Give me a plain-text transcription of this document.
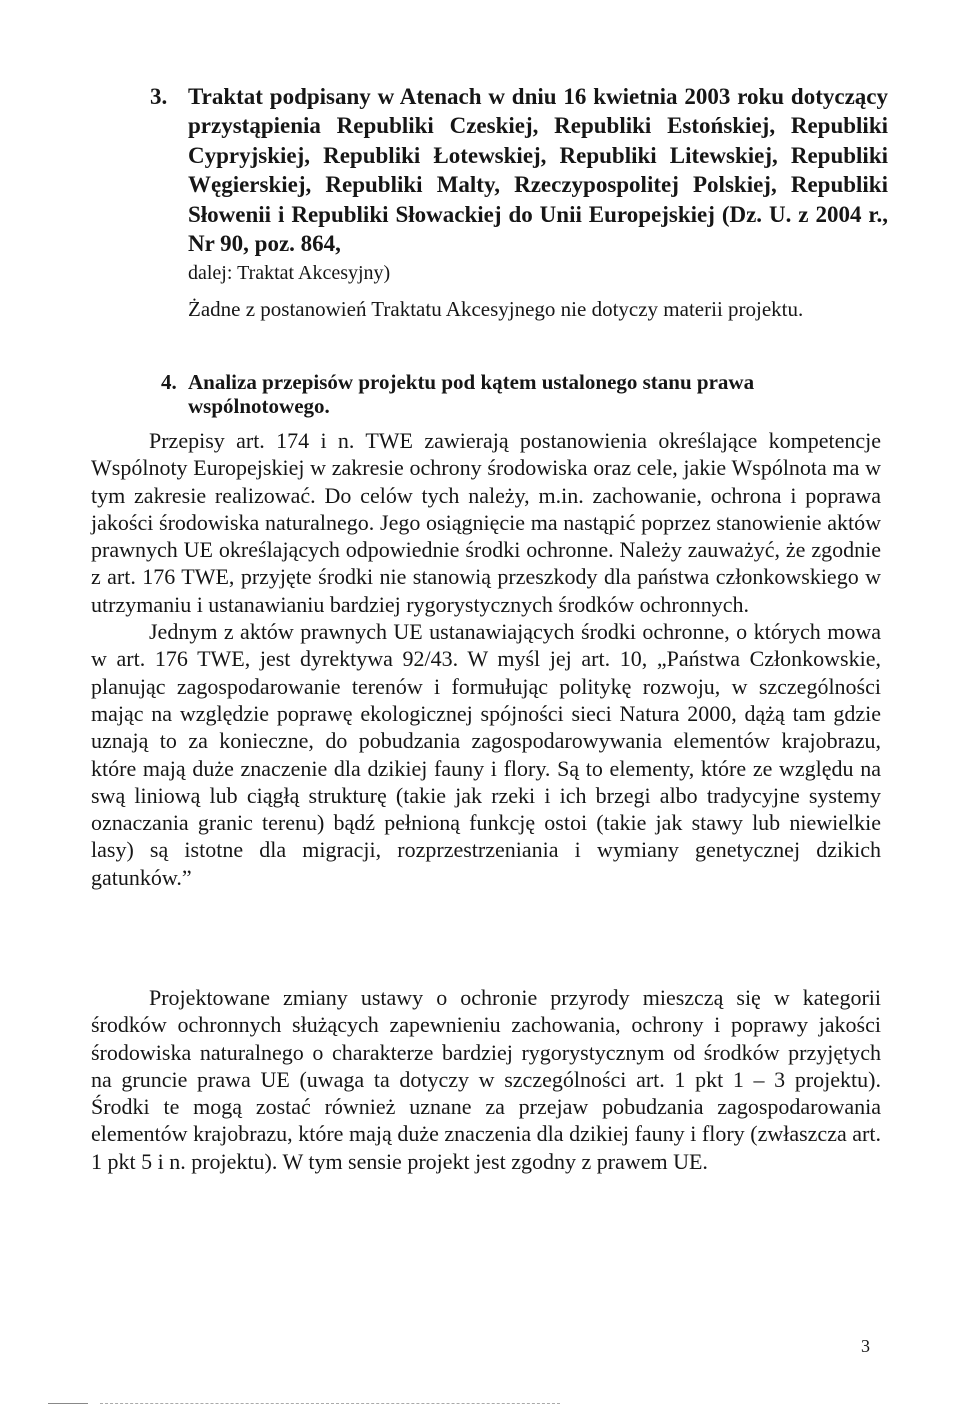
3. Traktat podpisany w Atenach w dniu 16 kwietnia 2003 roku dotyczący przystąpienia Republiki Czeskiej, Republiki Estońskiej, Republiki Cypryjskiej, Republiki Łotewskiej, Republiki Litewskiej, Republiki Węgierskiej, Republiki Malty, Rzeczypospolitej Polskiej, Republiki Słowenii i Republiki Słowackiej do Unii Europejskiej (Dz. U. z 2004 r., Nr 90, poz. 864,
dalej: Traktat Akcesyjny)
Żadne z postanowień Traktatu Akcesyjnego nie dotyczy materii projektu.
4. Analiza przepisów projektu pod kątem ustalonego stanu prawa wspólnotowego.
Przepisy art. 174 i n. TWE zawierają postanowienia określające kompetencje Wspólnoty Europejskiej w zakresie ochrony środowiska oraz cele, jakie Wspólnota ma w tym zakresie realizować. Do celów tych należy, m.in. zachowanie, ochrona i poprawa jakości środowiska naturalnego. Jego osiągnięcie ma nastąpić poprzez stanowienie aktów prawnych UE określających odpowiednie środki ochronne. Należy zauważyć, że zgodnie z art. 176 TWE, przyjęte środki nie stanowią przeszkody dla państwa członkowskiego w utrzymaniu i ustanawianiu bardziej rygorystycznych środków ochronnych.
Jednym z aktów prawnych UE ustanawiających środki ochronne, o których mowa w art. 176 TWE, jest dyrektywa 92/43. W myśl jej art. 10, „Państwa Członkowskie, planując zagospodarowanie terenów i formułując politykę rozwoju, w szczególności mając na względzie poprawę ekologicznej spójności sieci Natura 2000, dążą tam gdzie uznają to za konieczne, do pobudzania zagospodarowywania elementów krajobrazu, które mają duże znaczenie dla dzikiej fauny i flory. Są to elementy, które ze względu na swą liniową lub ciągłą strukturę (takie jak rzeki i ich brzegi albo tradycyjne systemy oznaczania granic terenu) bądź pełnioną funkcję ostoi (takie jak stawy lub niewielkie lasy) są istotne dla migracji, rozprzestrzeniania i wymiany genetycznej dzikich gatunków.”
Projektowane zmiany ustawy o ochronie przyrody mieszczą się w kategorii środków ochronnych służących zapewnieniu zachowania, ochrony i poprawy jakości środowiska naturalnego o charakterze bardziej rygorystycznym od środków przyjętych na gruncie prawa UE (uwaga ta dotyczy w szczególności art. 1 pkt 1 – 3 projektu). Środki te mogą zostać również uznane za przejaw pobudzania zagospodarowania elementów krajobrazu, które mają duże znaczenia dla dzikiej fauny i flory (zwłaszcza art. 1 pkt 5 i n. projektu). W tym sensie projekt jest zgodny z prawem UE.
3
